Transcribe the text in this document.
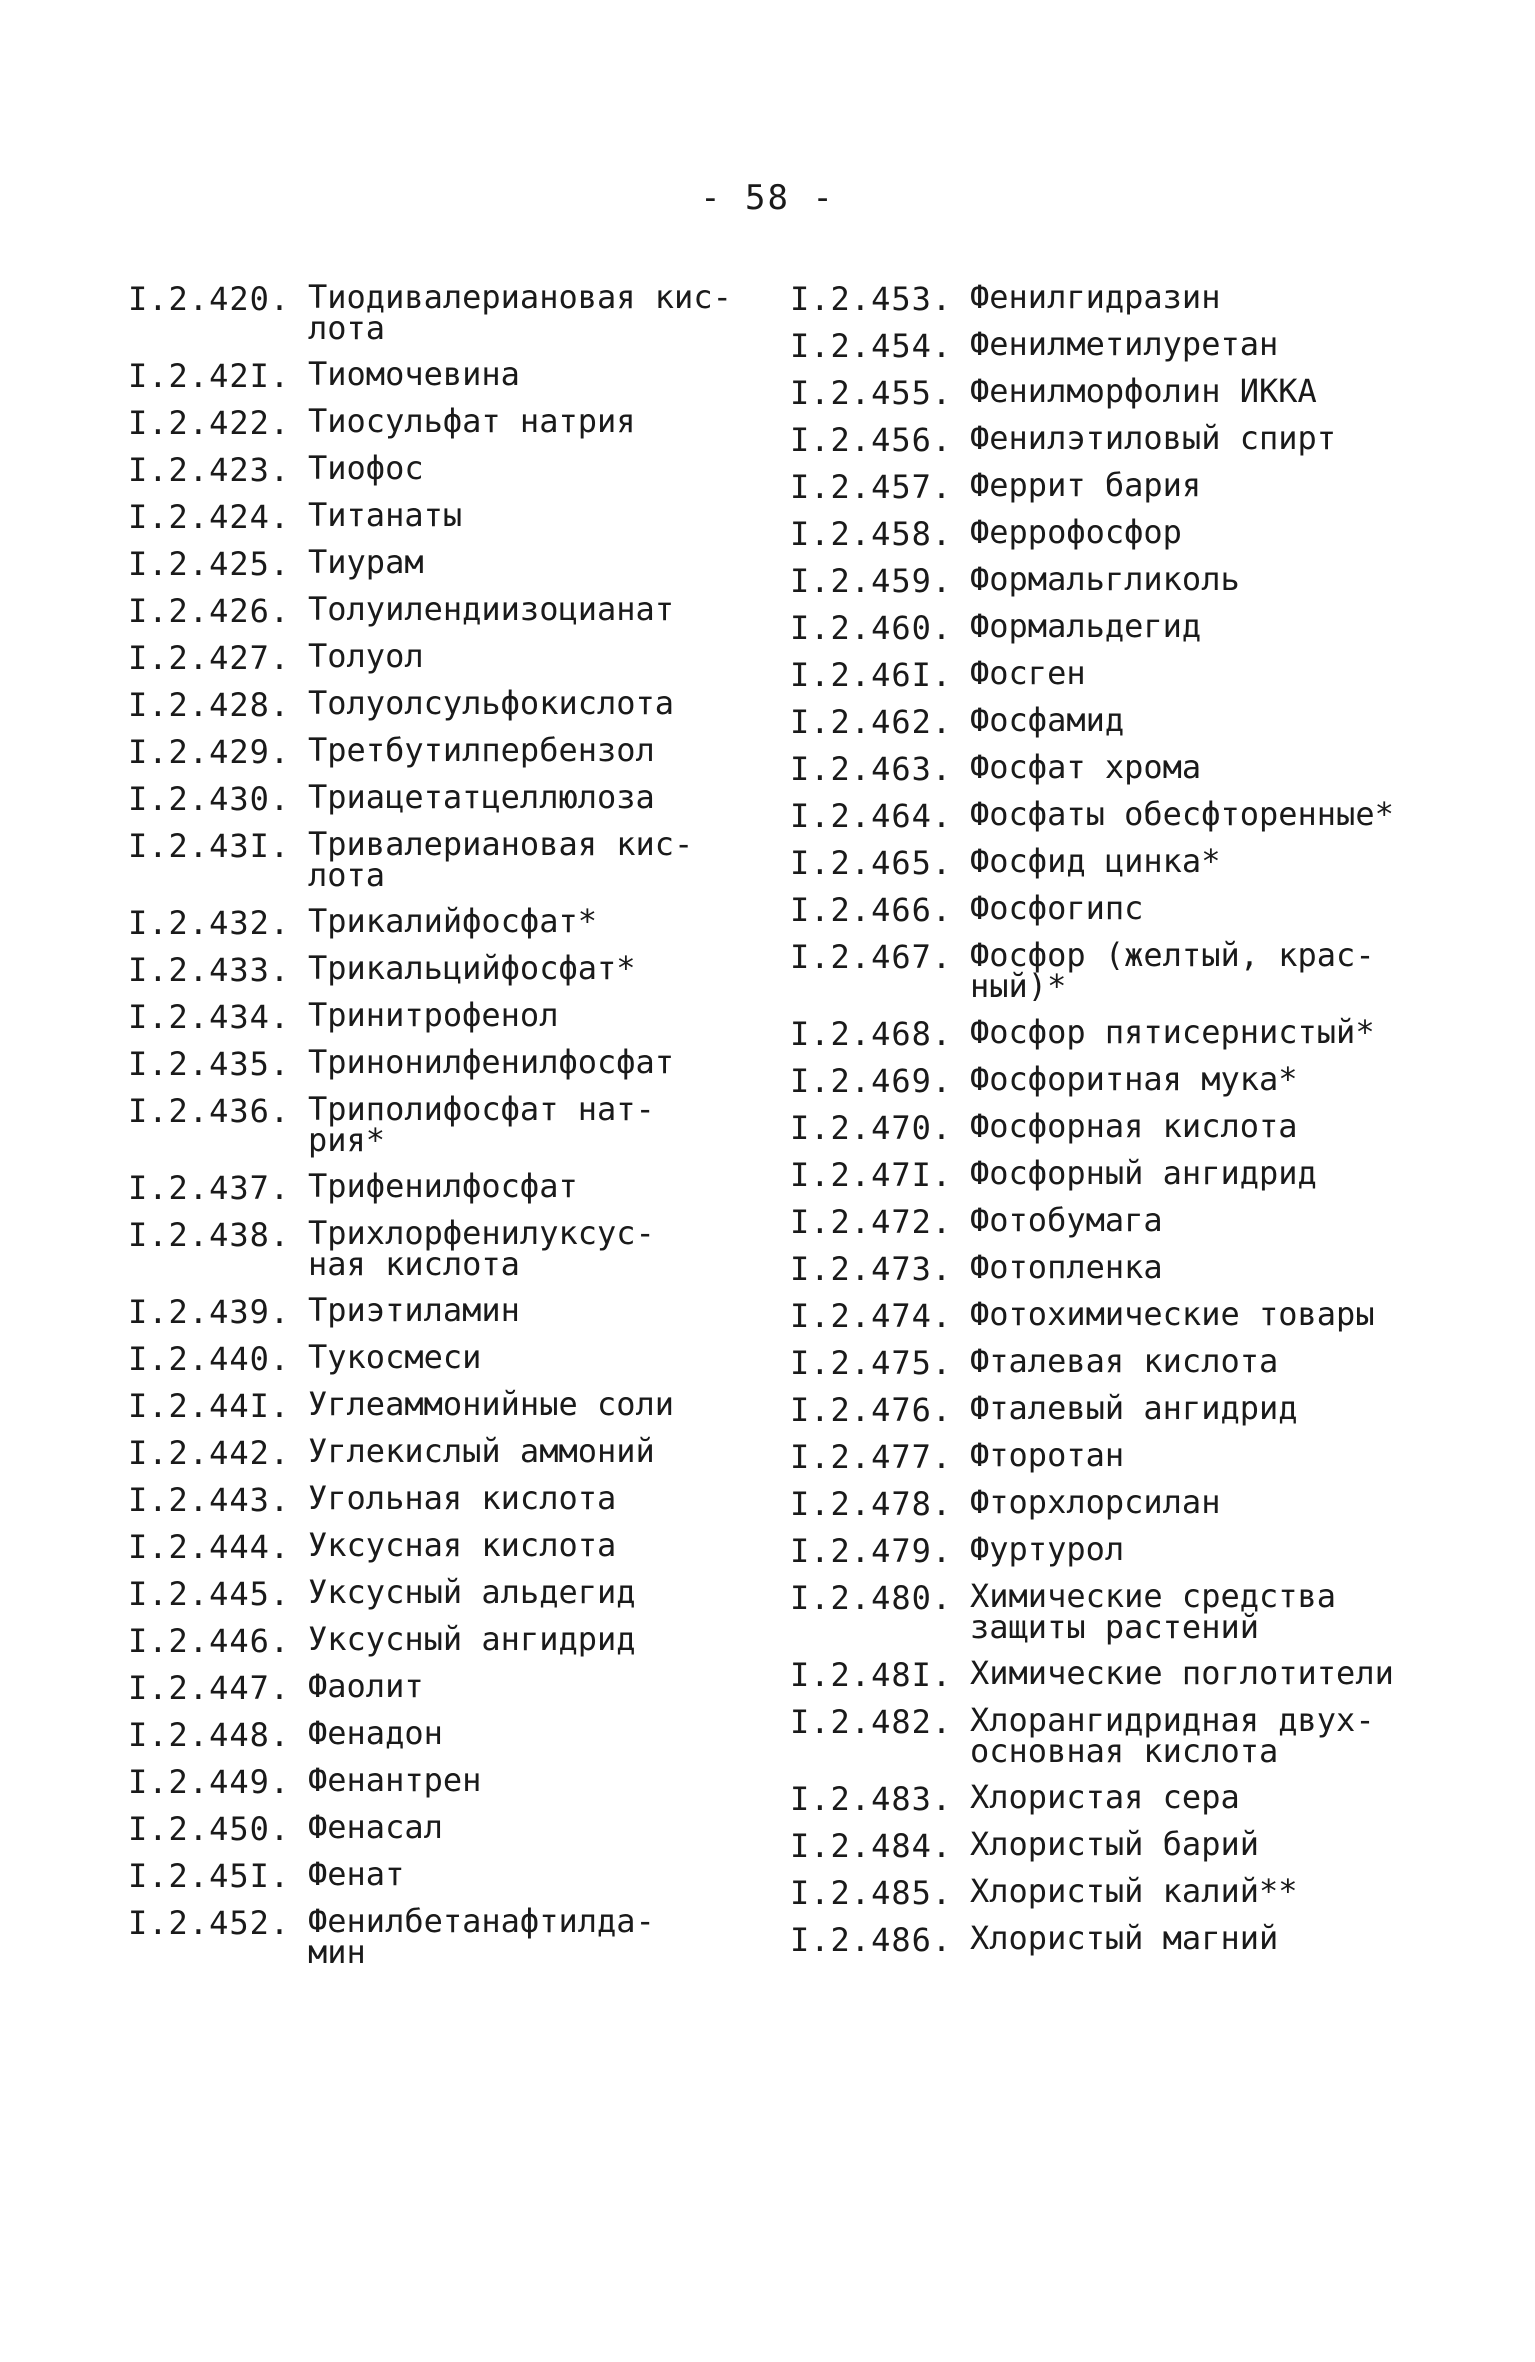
- 58 -
I.2.420. Тиодивалериановая кис-
лота
I.2.42I. Тиомочевина
I.2.422. Тиосульфат натрия
I.2.423. Тиофос
I.2.424. Титанаты
I.2.425. Тиурам
I.2.426. Толуилендиизоцианат
I.2.427. Толуол
I.2.428. Толуолсульфокислота
I.2.429. Третбутилпербензол
I.2.430. Триацетатцеллюлоза
I.2.43I. Тривалериановая кис-
лота
I.2.432. Трикалийфосфат*
I.2.433. Трикальцийфосфат*
I.2.434. Тринитрофенол
I.2.435. Тринонилфенилфосфат
I.2.436. Триполифосфат нат-
рия*
I.2.437. Трифенилфосфат
I.2.438. Трихлорфенилуксус-
ная кислота
I.2.439. Триэтиламин
I.2.440. Тукосмеси
I.2.44I. Углеаммонийные соли
I.2.442. Углекислый аммоний
I.2.443. Угольная кислота
I.2.444. Уксусная кислота
I.2.445. Уксусный альдегид
I.2.446. Уксусный ангидрид
I.2.447. Фаолит
I.2.448. Фенадон
I.2.449. Фенантрен
I.2.450. Фенасал
I.2.45I. Фенат
I.2.452. Фенилбетанафтилда-
мин
I.2.453. Фенилгидразин
I.2.454. Фенилметилуретан
I.2.455. Фенилморфолин ИККА
I.2.456. Фенилэтиловый спирт
I.2.457. Феррит бария
I.2.458. Феррофосфор
I.2.459. Формальгликоль
I.2.460. Формальдегид
I.2.46I. Фосген
I.2.462. Фосфамид
I.2.463. Фосфат хрома
I.2.464. Фосфаты обесфторенные*
I.2.465. Фосфид цинка*
I.2.466. Фосфогипс
I.2.467. Фосфор (желтый, крас-
ный)*
I.2.468. Фосфор пятисернистый*
I.2.469. Фосфоритная мука*
I.2.470. Фосфорная кислота
I.2.47I. Фосфорный ангидрид
I.2.472. Фотобумага
I.2.473. Фотопленка
I.2.474. Фотохимические товары
I.2.475. Фталевая кислота
I.2.476. Фталевый ангидрид
I.2.477. Фторотан
I.2.478. Фторхлорсилан
I.2.479. Фуртурол
I.2.480. Химические средства
защиты растений
I.2.48I. Химические поглотители
I.2.482. Хлорангидридная двух-
основная кислота
I.2.483. Хлористая сера
I.2.484. Хлористый барий
I.2.485. Хлористый калий**
I.2.486. Хлористый магний
